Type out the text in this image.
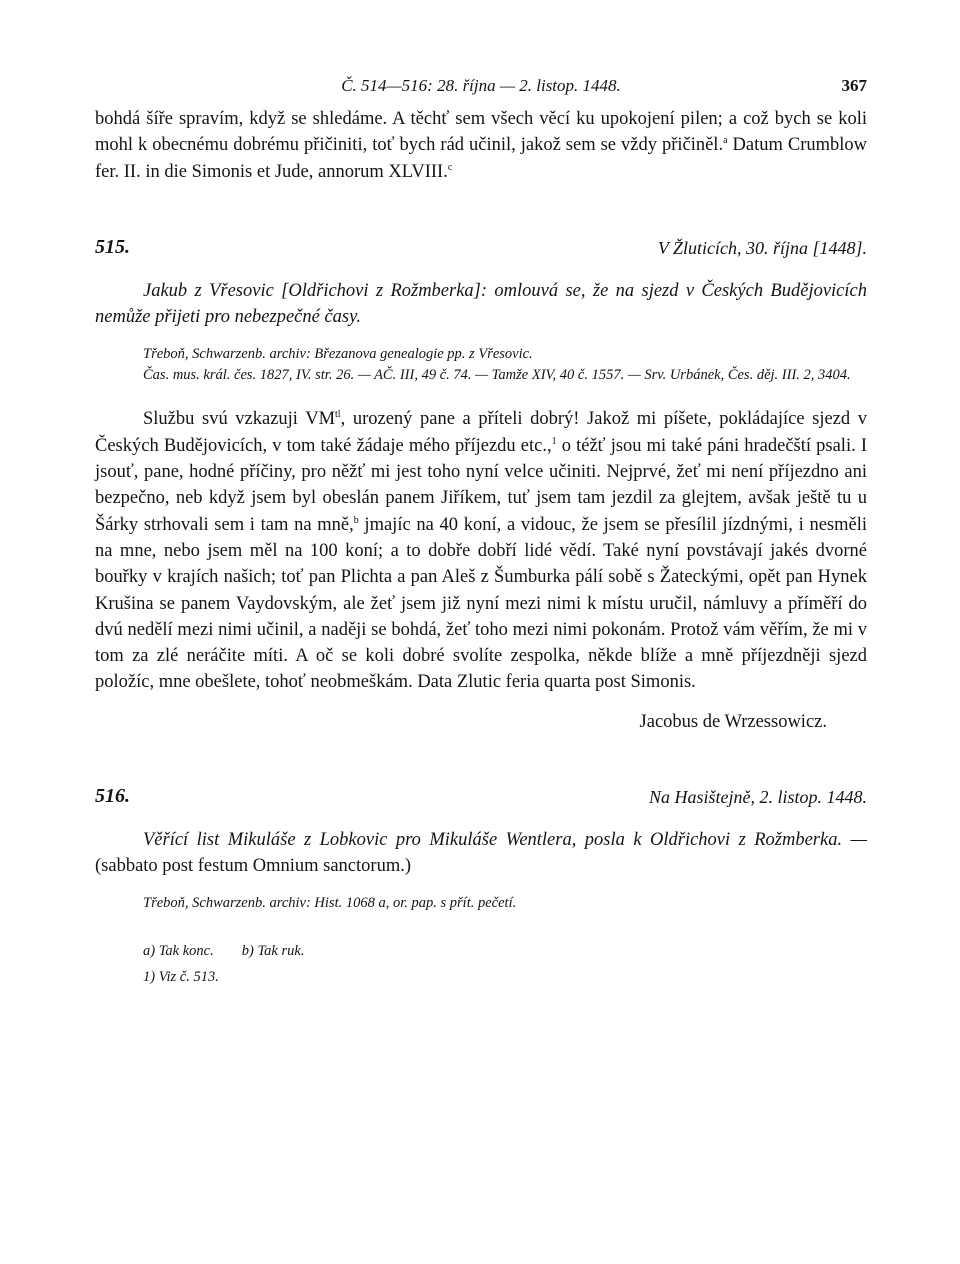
Č. 514—516: 28. října — 2. listop. 1448.	367

bohdá šíře spravím, když se shledáme. A těchť sem všech věcí ku upokojení pilen; a což bych se koli mohl k obecnému dobrému přičiniti, toť bych rád učinil, jakož sem se vždy přičiněl.$^a$ Datum Crumblow fer. II. in die Simonis et Jude, annorum XLVIII.$^c$

515.	V Žluticích, 30. října [1448].

Jakub z Vřesovic [Oldřichovi z Rožmberka]: omlouvá se, že na sjezd v Českých Budějovicích nemůže přijeti pro nebezpečné časy.

Třeboň, Schwarzenb. archiv: Březanova genealogie pp. z Vřesovic.
Čas. mus. král. čes. 1827, IV. str. 26. — AČ. III, 49 č. 74. — Tamže XIV, 40 č. 1557. — Srv. Urbánek, Čes. děj. III. 2, 3404.

Službu svú vzkazuji $VM^{tl}$, urozený pane a příteli dobrý! Jakož mi píšete, pokládajíce sjezd v Českých Budějovicích, v tom také žádaje mého příjezdu etc.,$^1$ o téžť jsou mi také páni hradečští psali. I jsouť, pane, hodné příčiny, pro něžť mi jest toho nyní velce učiniti. Nejprvé, žeť mi není příjezdno ani bezpečno, neb když jsem byl obeslán panem Jiříkem, tuť jsem tam jezdil za glejtem, avšak ještě tu u Šárky strhovali sem i tam na mně,$^b$ jmajíc na 40 koní, a vidouc, že jsem se přesílil jízdnými, i nesměli na mne, nebo jsem měl na 100 koní; a to dobře dobří lidé vědí. Také nyní povstávají jakés dvorné bouřky v krajích našich; toť pan Plichta a pan Aleš z Šumburka pálí sobě s Žateckými, opět pan Hynek Krušina se panem Vaydovským, ale žeť jsem již nyní mezi nimi k místu uručil, námluvy a příměří do dvú nedělí mezi nimi učinil, a naději se bohdá, žeť toho mezi nimi pokonám. Protož vám věřím, že mi v tom za zlé neráčite míti. A oč se koli dobré svolíte zespolka, někde blíže a mně příjezdněji sjezd položíc, mne obešlete, tohoť neobmeškám. Data Zlutic feria quarta post Simonis.

Jacobus de Wrzessowicz.
516.	Na Hasištejně, 2. listop. 1448.

Věřící list Mikuláše z Lobkovic pro Mikuláše Wentlera, posla k Oldřichovi z Rožmberka. — (sabbato post festum Omnium sanctorum.)

Třeboň, Schwarzenb. archiv: Hist. 1068 a, or. pap. s přít. pečetí.
a) Tak konc. b) Tak ruk.
1) Viz č. 513.
